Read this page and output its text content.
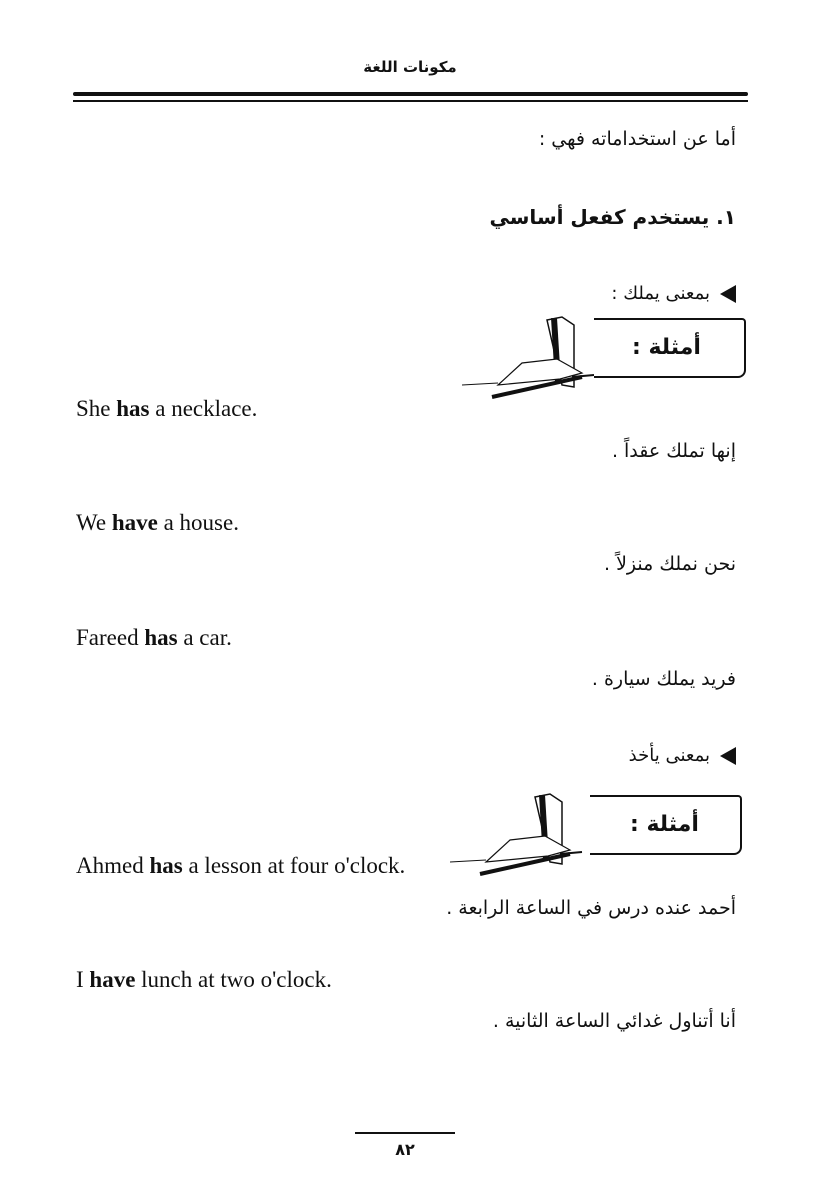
مكونات اللغة
أما عن استخداماته فهي :
١. يستخدم كفعل أساسي
بمعنى يملك :
أمثلة :
She has a necklace.
إنها تملك عقداً .
We have a house.
نحن نملك منزلاً .
Fareed has a car.
فريد يملك سيارة .
بمعنى يأخذ
أمثلة :
Ahmed has a lesson at four o'clock.
أحمد عنده درس في الساعة الرابعة .
I have lunch at two o'clock.
أنا أتناول غدائي الساعة الثانية .
٨٢
